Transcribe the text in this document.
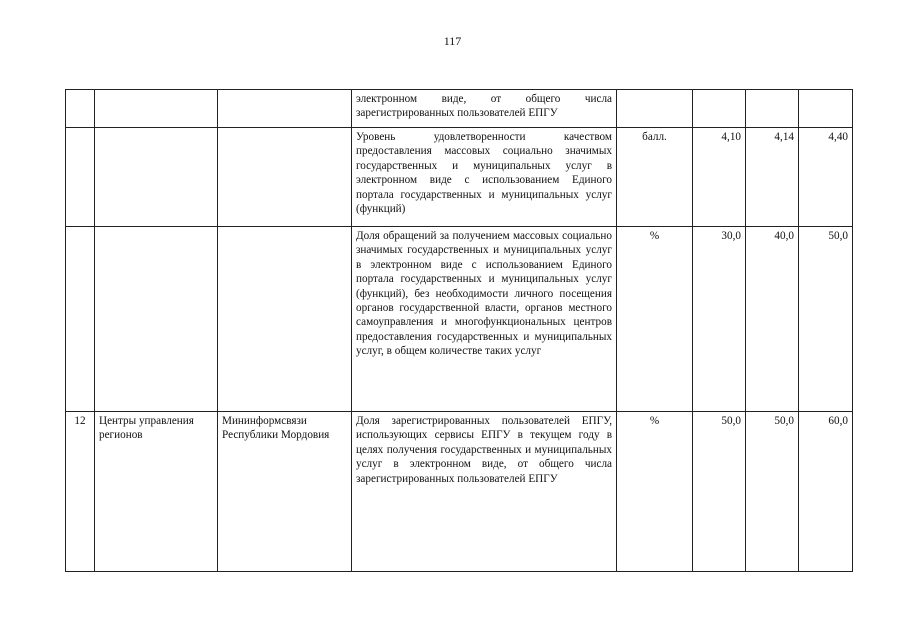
117
			электронном виде, от общего числа зарегистрированных пользователей ЕПГУ				
			Уровень удовлетворенности качеством предоставления массовых социально значимых государственных и муниципальных услуг в электронном виде с использованием Единого портала государственных и муниципальных услуг (функций)	балл.	4,10	4,14	4,40
			Доля обращений за получением массовых социально значимых государственных и муниципальных услуг в электронном виде с использованием Единого портала государственных и муниципальных услуг (функций), без необходимости личного посещения органов государственной власти, органов местного самоуправления и многофункциональных центров предоставления государственных и муниципальных услуг, в общем количестве таких услуг	%	30,0	40,0	50,0
12	Центры управления регионов	Мининформсвязи Республики Мордовия	Доля зарегистрированных пользователей ЕПГУ, использующих сервисы ЕПГУ в текущем году в целях получения государственных и муниципальных услуг в электронном виде, от общего числа зарегистрированных пользователей ЕПГУ	%	50,0	50,0	60,0
